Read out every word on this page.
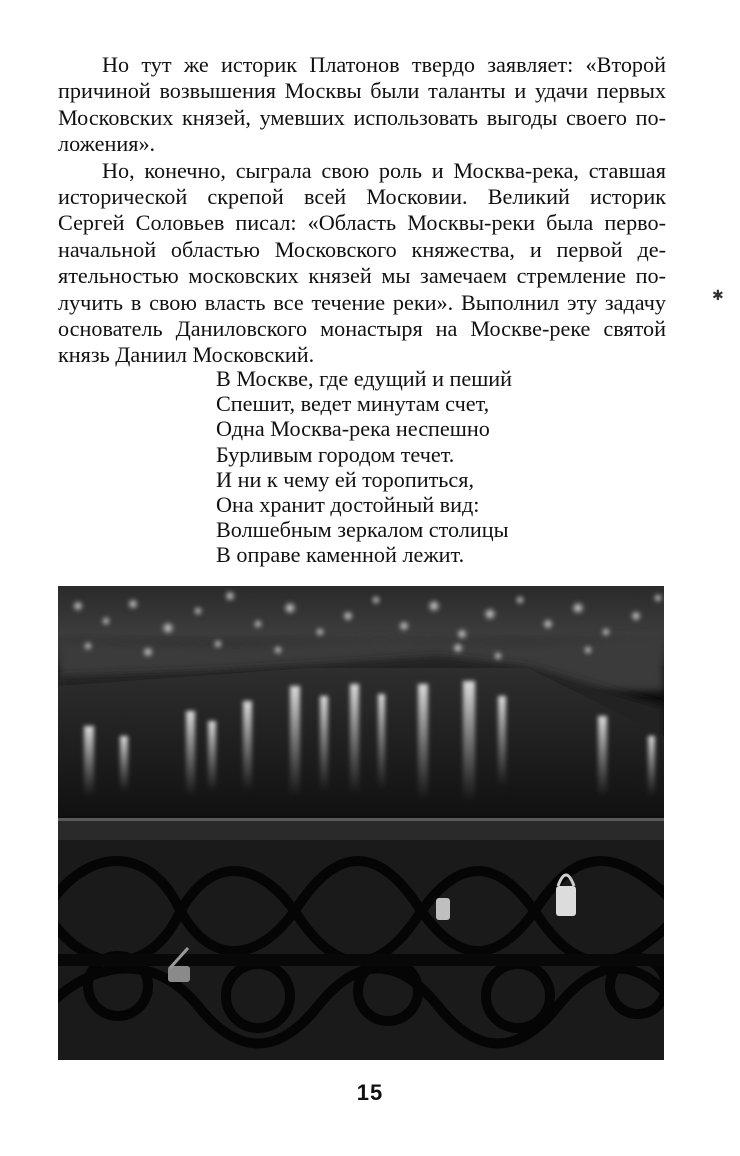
Но тут же историк Платонов твердо заявляет: «Второй
причиной возвышения Москвы были таланты и удачи первых
Московских князей, умевших использовать выгоды своего по-
ложения».

Но, конечно, сыграла свою роль и Москва-река, ставшая
исторической скрепой всей Московии. Великий историк
Сергей Соловьев писал: «Область Москвы-реки была перво-
начальной областью Московского княжества, и первой де-
ятельностью московских князей мы замечаем стремление по-
лучить в свою власть все течение реки». Выполнил эту задачу
основатель Даниловского монастыря на Москве-реке святой
князь Даниил Московский.

✱
В Москве, где едущий и пеший
Спешит, ведет минутам счет,
Одна Москва-река неспешно
Бурливым городом течет.
И ни к чему ей торопиться,
Она хранит достойный вид:
Волшебным зеркалом столицы
В оправе каменной лежит.
15
